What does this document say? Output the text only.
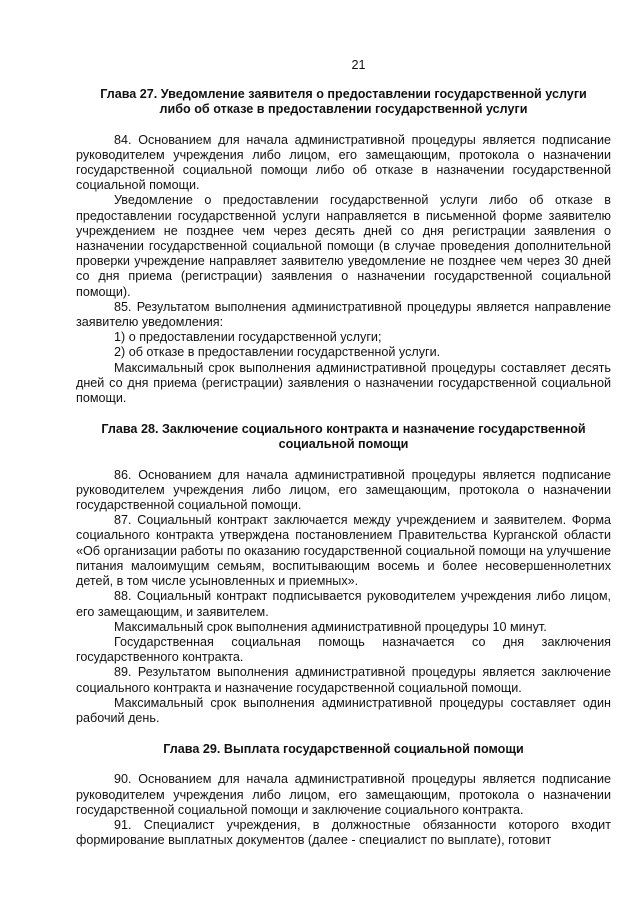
21
Глава 27. Уведомление заявителя о предоставлении государственной услуги
либо об отказе в предоставлении государственной услуги

84. Основанием для начала административной процедуры является подписание руководителем учреждения либо лицом, его замещающим, протокола о назначении государственной социальной помощи либо об отказе в назначении государственной социальной помощи.

Уведомление о предоставлении государственной услуги либо об отказе в предоставлении государственной услуги направляется в письменной форме заявителю учреждением не позднее чем через десять дней со дня регистрации заявления о назначении государственной социальной помощи (в случае проведения дополнительной проверки учреждение направляет заявителю уведомление не позднее чем через 30 дней со дня приема (регистрации) заявления о назначении государственной социальной помощи).

85. Результатом выполнения административной процедуры является направление заявителю уведомления:

1) о предоставлении государственной услуги;

2) об отказе в предоставлении государственной услуги.

Максимальный срок выполнения административной процедуры составляет десять дней со дня приема (регистрации) заявления о назначении государственной социальной помощи.

Глава 28. Заключение социального контракта и назначение государственной
социальной помощи

86. Основанием для начала административной процедуры является подписание руководителем учреждения либо лицом, его замещающим, протокола о назначении государственной социальной помощи.

87. Социальный контракт заключается между учреждением и заявителем. Форма социального контракта утверждена постановлением Правительства Курганской области «Об организации работы по оказанию государственной социальной помощи на улучшение питания малоимущим семьям, воспитывающим восемь и более несовершеннолетних детей, в том числе усыновленных и приемных».

88. Социальный контракт подписывается руководителем учреждения либо лицом, его замещающим, и заявителем.

Максимальный срок выполнения административной процедуры 10 минут.

Государственная социальная помощь назначается со дня заключения государственного контракта.

89. Результатом выполнения административной процедуры является заключение социального контракта и назначение государственной социальной помощи.

Максимальный срок выполнения административной процедуры составляет один рабочий день.

Глава 29. Выплата государственной социальной помощи

90. Основанием для начала административной процедуры является подписание руководителем учреждения либо лицом, его замещающим, протокола о назначении государственной социальной помощи и заключение социального контракта.

91. Специалист учреждения, в должностные обязанности которого входит формирование выплатных документов (далее - специалист по выплате), готовит
